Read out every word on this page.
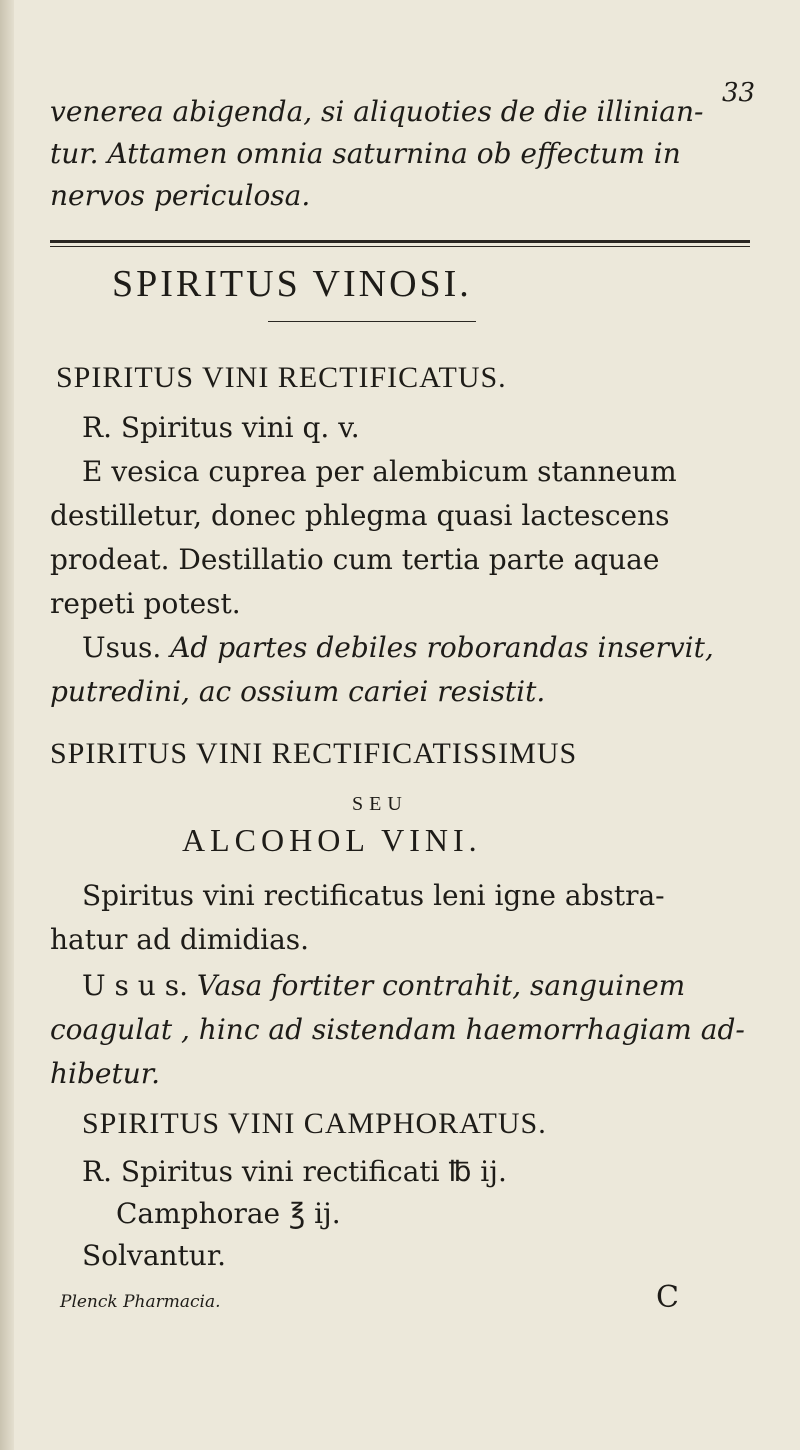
33
venerea abigenda, si aliquoties de die illinian-
tur. Attamen omnia saturnina ob effectum in
nervos periculosa.
SPIRITUS VINOSI.
SPIRITUS VINI RECTIFICATUS.
R. Spiritus vini q. v.
E vesica cuprea per alembicum stanneum
destilletur, donec phlegma quasi lactescens
prodeat. Destillatio cum tertia parte aquae
repeti potest.
Usus. Ad partes debiles roborandas inservit,
putredini, ac ossium cariei resistit.
SPIRITUS VINI RECTIFICATISSIMUS
SEU
ALCOHOL VINI.
Spiritus vini rectificatus leni igne abstra-
hatur ad dimidias.
U s u s. Vasa fortiter contrahit, sanguinem
coagulat , hinc ad sistendam haemorrhagiam ad-
hibetur.
SPIRITUS VINI CAMPHORATUS.
R. Spiritus vini rectificati ℔ ij.
Camphorae ℥ ij.
Solvantur.
Plenck Pharmacia.	C
